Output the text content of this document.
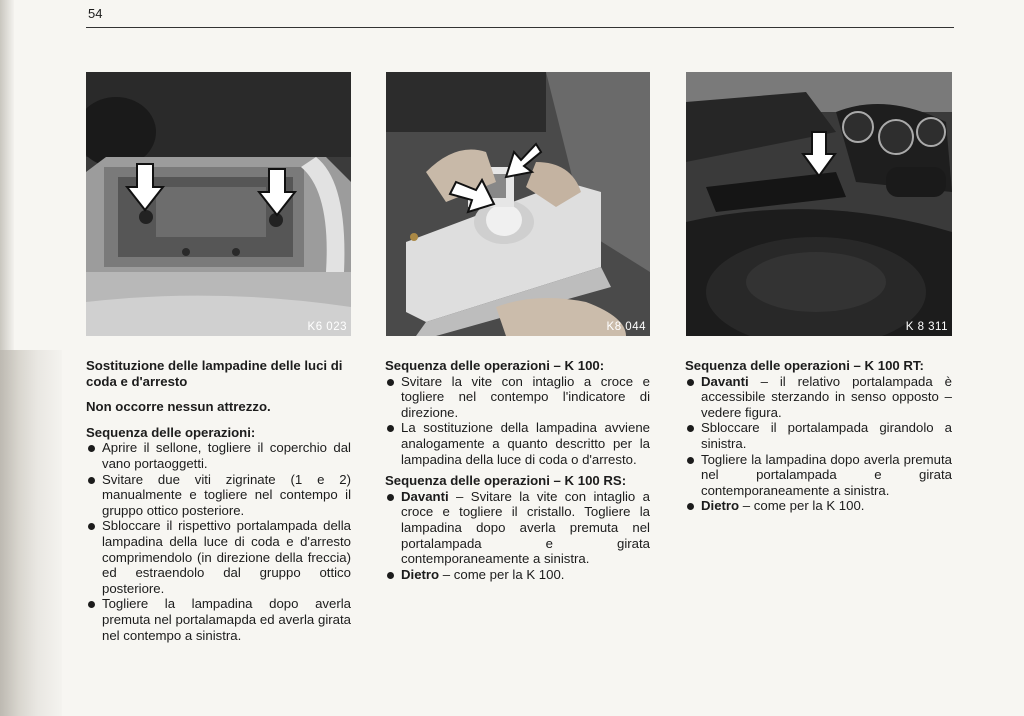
54
K6 023	K8 044	K 8 311

Sostituzione delle lampadine delle luci di coda e d'arresto

Non occorre nessun attrezzo.

Sequenza delle operazioni:

Aprire il sellone, togliere il coperchio dal vano portaoggetti.

Svitare due viti zigrinate (1 e 2) manualmente e togliere nel contempo il gruppo ottico posteriore.

Sbloccare il rispettivo portalampada della lampadina della luce di coda e d'arresto comprimendolo (in direzione della freccia) ed estraendolo dal gruppo ottico posteriore.

Togliere la lampadina dopo averla premuta nel portalamapda ed averla girata nel contempo a sinistra.

Sequenza delle operazioni – K 100:

Svitare la vite con intaglio a croce e togliere nel contempo l'indicatore di direzione.

La sostituzione della lampadina avviene analogamente a quanto descritto per la lampadina della luce di coda o d'arresto.

Sequenza delle operazioni – K 100 RS:

Davanti – Svitare la vite con intaglio a croce e togliere il cristallo. Togliere la lampadina dopo averla premuta nel portalampada e girata contemporaneamente a sinistra.

Dietro – come per la K 100.

Sequenza delle operazioni – K 100 RT:

Davanti – il relativo portalampada è accessibile sterzando in senso opposto – vedere figura.

Sbloccare il portalampada girandolo a sinistra.

Togliere la lampadina dopo averla premuta nel portalampada e girata contemporaneamente a sinistra.

Dietro – come per la K 100.
